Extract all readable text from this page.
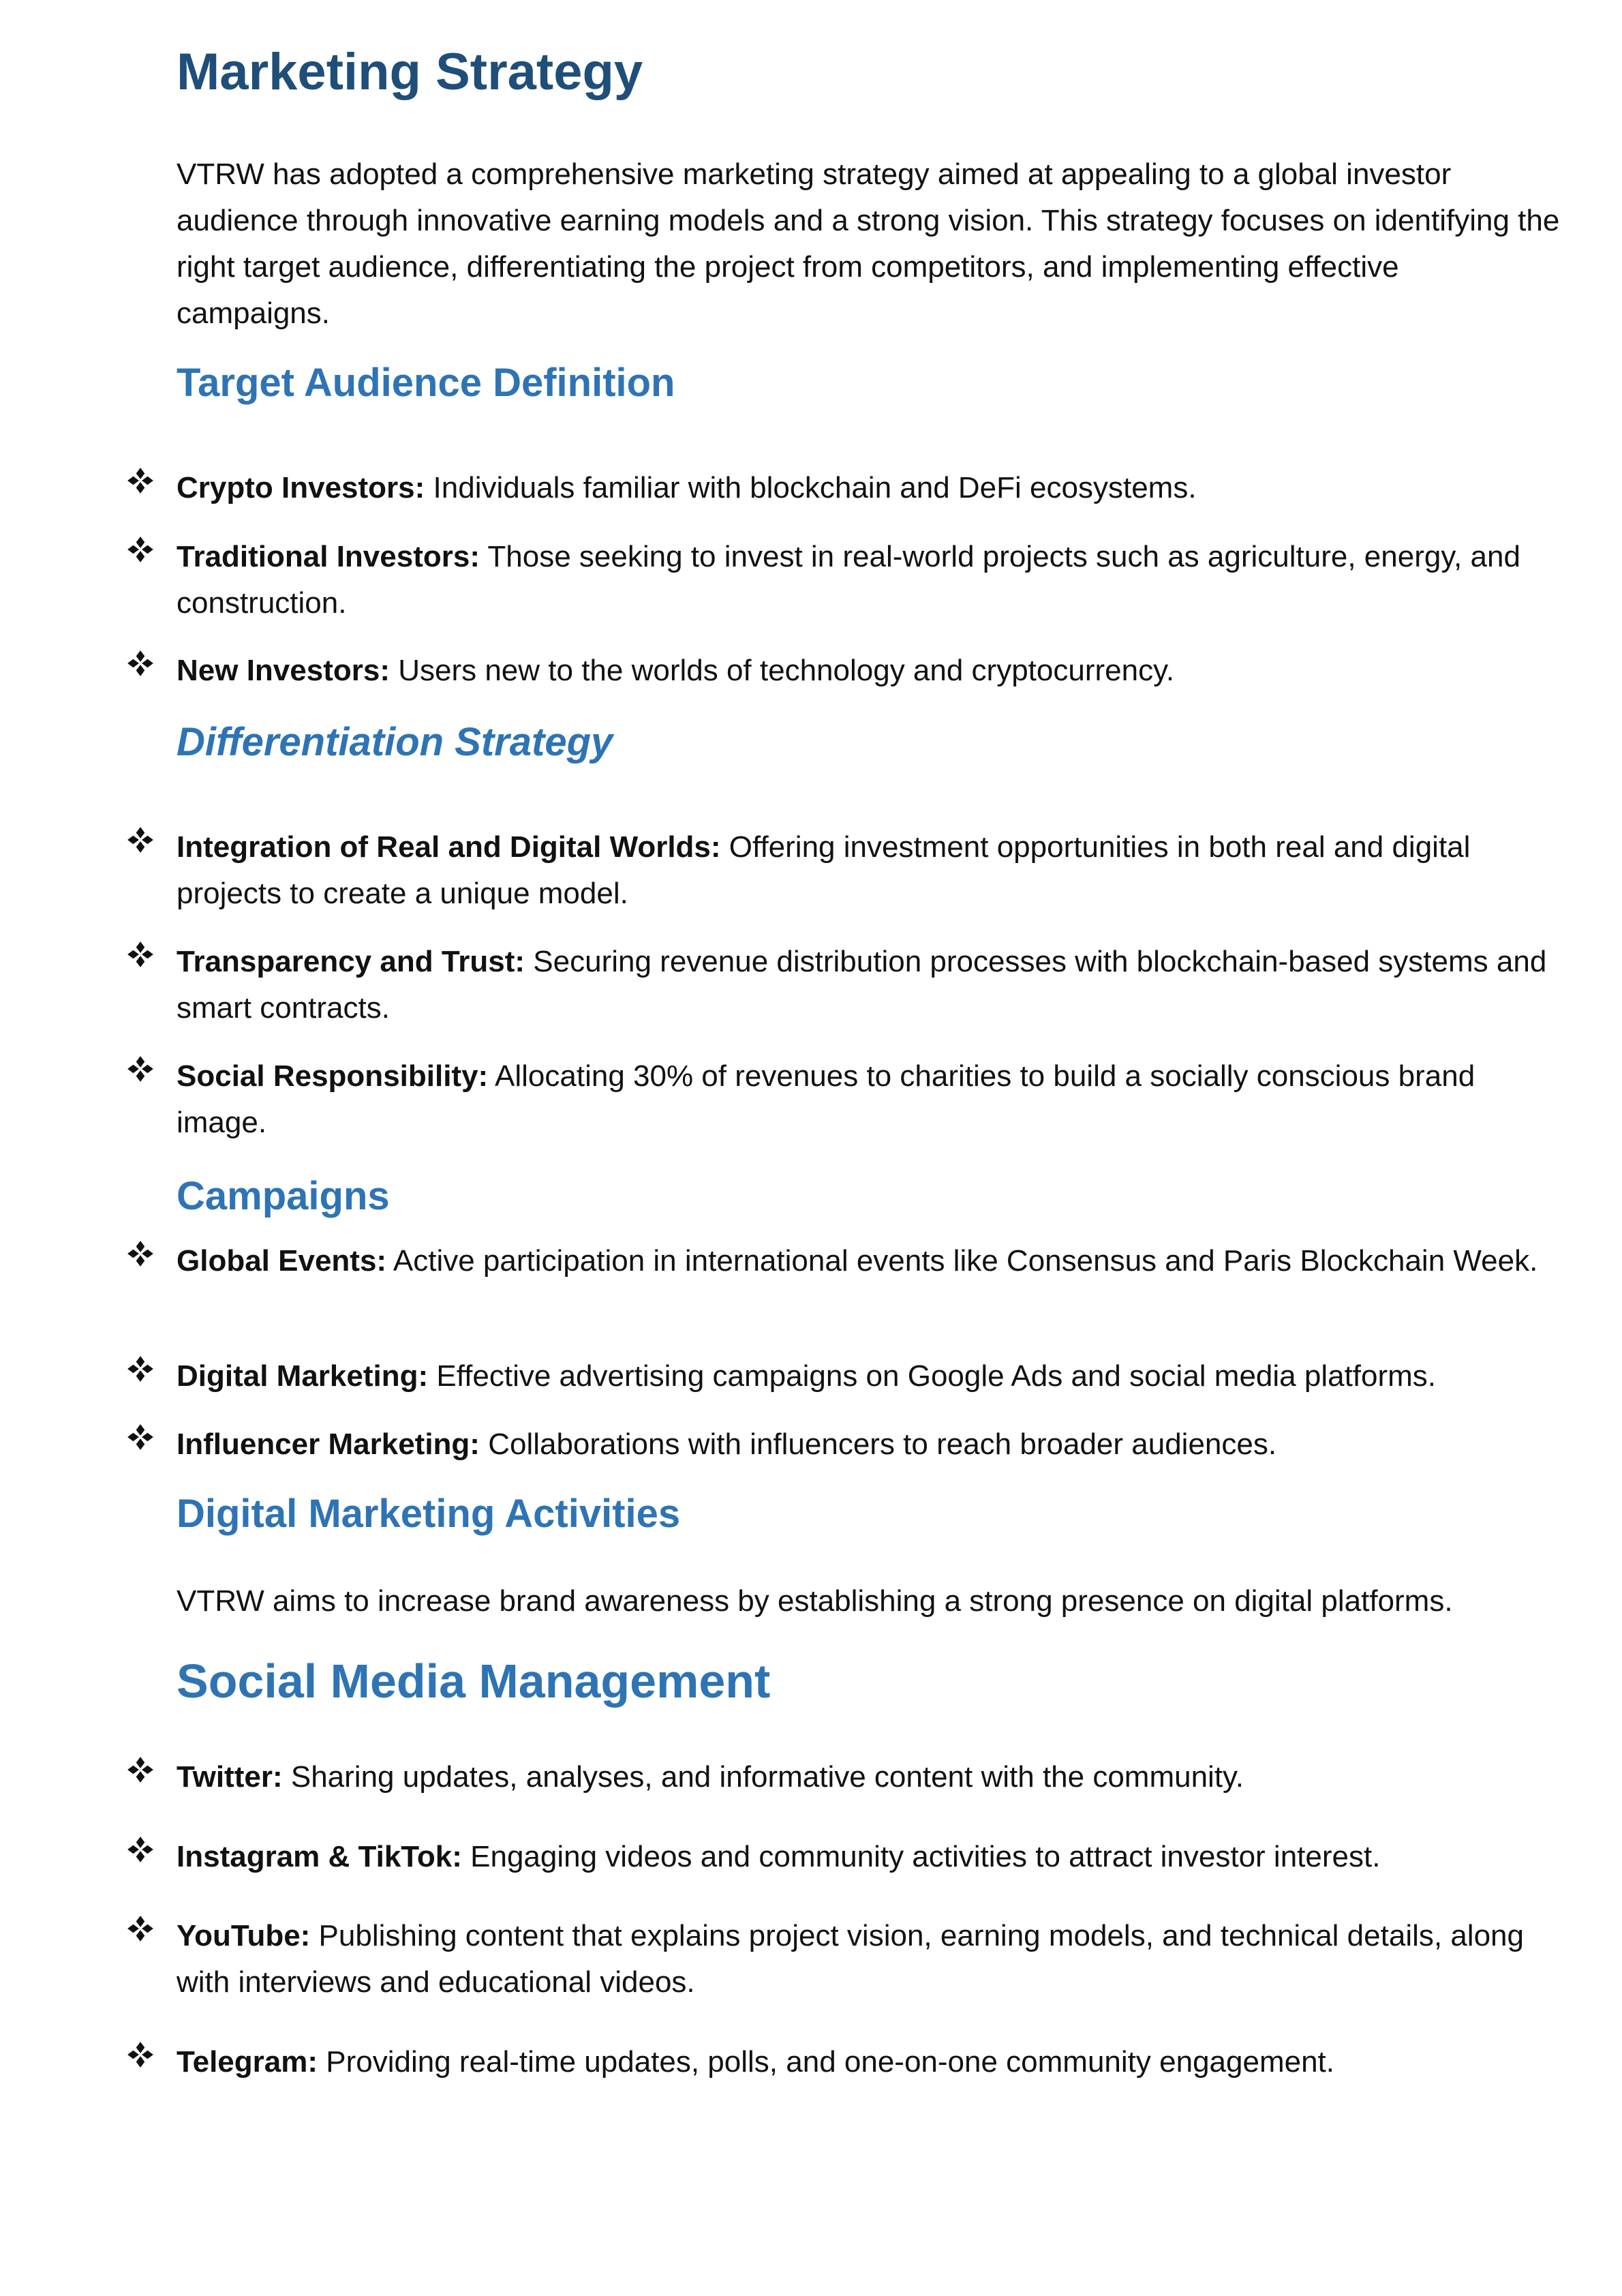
Marketing Strategy

VTRW has adopted a comprehensive marketing strategy aimed at appealing to a global investor audience through innovative earning models and a strong vision. This strategy focuses on identifying the right target audience, differentiating the project from competitors, and implementing effective campaigns.

Target Audience Definition

Crypto Investors: Individuals familiar with blockchain and DeFi ecosystems.

Traditional Investors: Those seeking to invest in real-world projects such as agriculture, energy, and construction.

New Investors: Users new to the worlds of technology and cryptocurrency.

Differentiation Strategy

Integration of Real and Digital Worlds: Offering investment opportunities in both real and digital projects to create a unique model.

Transparency and Trust: Securing revenue distribution processes with blockchain-based systems and smart contracts.

Social Responsibility: Allocating 30% of revenues to charities to build a socially conscious brand image.

Campaigns

Global Events: Active participation in international events like Consensus and Paris Blockchain Week.

Digital Marketing: Effective advertising campaigns on Google Ads and social media platforms.

Influencer Marketing: Collaborations with influencers to reach broader audiences.

Digital Marketing Activities

VTRW aims to increase brand awareness by establishing a strong presence on digital platforms.

Social Media Management

Twitter: Sharing updates, analyses, and informative content with the community.

Instagram & TikTok: Engaging videos and community activities to attract investor interest.

YouTube: Publishing content that explains project vision, earning models, and technical details, along with interviews and educational videos.

Telegram: Providing real-time updates, polls, and one-on-one community engagement.
